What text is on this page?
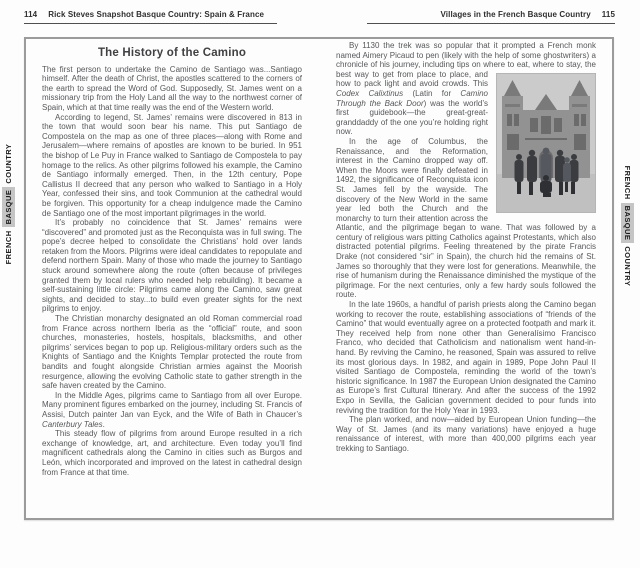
114 Rick Steves Snapshot Basque Country: Spain & France	Villages in the French Basque Country 115
FRENCH
BASQUE
COUNTRY	FRENCH
BASQUE
COUNTRY
The History of the Camino

The first person to undertake the Camino de Santiago was...Santiago himself. After the death of Christ, the apostles scattered to the corners of the earth to spread the Word of God. Supposedly, St. James went on a missionary trip from the Holy Land all the way to the northwest corner of Spain, which at that time really was the end of the Western world.

According to legend, St. James’ remains were discovered in 813 in the town that would soon bear his name. This put Santiago de Compostela on the map as one of three places—along with Rome and Jerusalem—where remains of apostles are known to be buried. In 951 the bishop of Le Puy in France walked to Santiago de Compostela to pay homage to the relics. As other pilgrims followed his example, the Camino de Santiago informally emerged. Then, in the 12th century, Pope Callistus II decreed that any person who walked to Santiago in a Holy Year, confessed their sins, and took Communion at the cathedral would be forgiven. This opportunity for a cheap indulgence made the Camino de Santiago one of the most important pilgrimages in the world.

It’s probably no coincidence that St. James’ remains were “discovered” and promoted just as the Reconquista was in full swing. The pope’s decree helped to consolidate the Christians’ hold over lands retaken from the Moors. Pilgrims were ideal candidates to repopulate and defend northern Spain. Many of those who made the journey to Santiago stuck around somewhere along the route (often because of privileges granted them by local rulers who needed help rebuilding). It became a self-sustaining little circle: Pilgrims came along the Camino, saw great sights, and decided to stay...to build even greater sights for the next pilgrims to enjoy.

The Christian monarchy designated an old Roman commercial road from France across northern Iberia as the “official” route, and soon churches, monasteries, hostels, hospitals, blacksmiths, and other pilgrims’ services began to pop up. Religious-military orders such as the Knights of Santiago and the Knights Templar protected the route from bandits and fought alongside Christian armies against the Moorish resurgence, allowing the evolving Catholic state to gather strength in the safe haven created by the Camino.

In the Middle Ages, pilgrims came to Santiago from all over Europe. Many prominent figures embarked on the journey, including St. Francis of Assisi, Dutch painter Jan van Eyck, and the Wife of Bath in Chaucer’s Canterbury Tales.

This steady flow of pilgrims from around Europe resulted in a rich exchange of knowledge, art, and architecture. Even today you’ll find magnificent cathedrals along the Camino in cities such as Burgos and León, which incorporated and improved on the latest in cathedral design from France at that time.

By 1130 the trek was so popular that it prompted a French monk named Aimery Picaud to pen (likely with the help of some ghostwriters) a chronicle of his journey, including tips on where
to eat, where to stay, the best way to get from place to place, and how to pack light and avoid crowds. This Codex Calixtinus (Latin for Camino Through the Back Door) was the world’s first guidebook—the great-great-granddaddy of the one you’re holding right now.

In the age of Columbus, the Renaissance, and the Reformation, interest in the Camino dropped way off. When the Moors were finally defeated in 1492, the significance of Reconquista icon St. James fell by the wayside. The discovery of the New World in the same year led both the Church and the monarchy to turn their attention across the Atlantic, and the pilgrimage began to wane. That was followed by a century of religious wars pitting Catholics against Protestants, which also distracted potential pilgrims. Feeling threatened by the pirate Francis Drake (not considered “sir” in Spain), the church hid the remains of St. James so thoroughly that they were lost for generations. Meanwhile, the rise of humanism during the Renaissance diminished the mystique of the pilgrimage. For the next centuries, only a few hardy souls followed the route.

In the late 1960s, a handful of parish priests along the Camino began working to recover the route, establishing associations of “friends of the Camino” that would eventually agree on a protected footpath and mark it. They received help from none other than Generalísimo Francisco Franco, who decided that Catholicism and nationalism went hand-in-hand. By reviving the Camino, he reasoned, Spain was assured to relive its most glorious days. In 1982, and again in 1989, Pope John Paul II visited Santiago de Compostela, reminding the world of the town’s historic significance. In 1987 the European Union designated the Camino as Europe’s first Cultural Itinerary. And after the success of the 1992 Expo in Sevilla, the Galician government decided to pour funds into reviving the tradition for the Holy Year in 1993.

The plan worked, and now—aided by European Union funding—the Way of St. James (and its many variations) have enjoyed a huge renaissance of interest, with more than 400,000 pilgrims each year trekking to Santiago.
